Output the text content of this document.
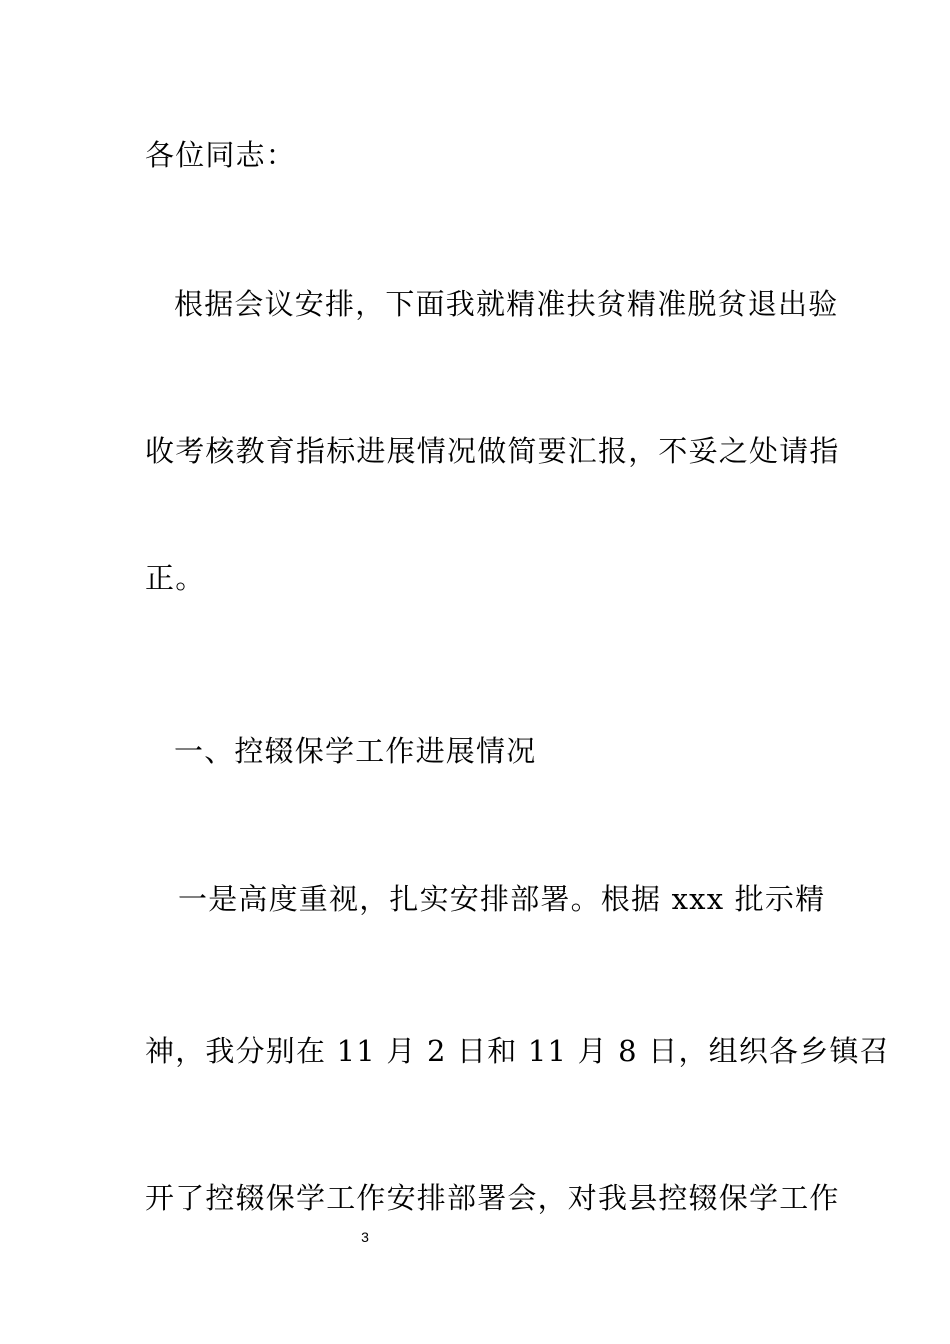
各位同志：
根据会议安排，下面我就精准扶贫精准脱贫退出验
收考核教育指标进展情况做简要汇报，不妥之处请指
正。
一、控辍保学工作进展情况
一是高度重视，扎实安排部署。根据 xxx 批示精
神，我分别在 11 月 2 日和 11 月 8 日，组织各乡镇召
开了控辍保学工作安排部署会，对我县控辍保学工作
3
